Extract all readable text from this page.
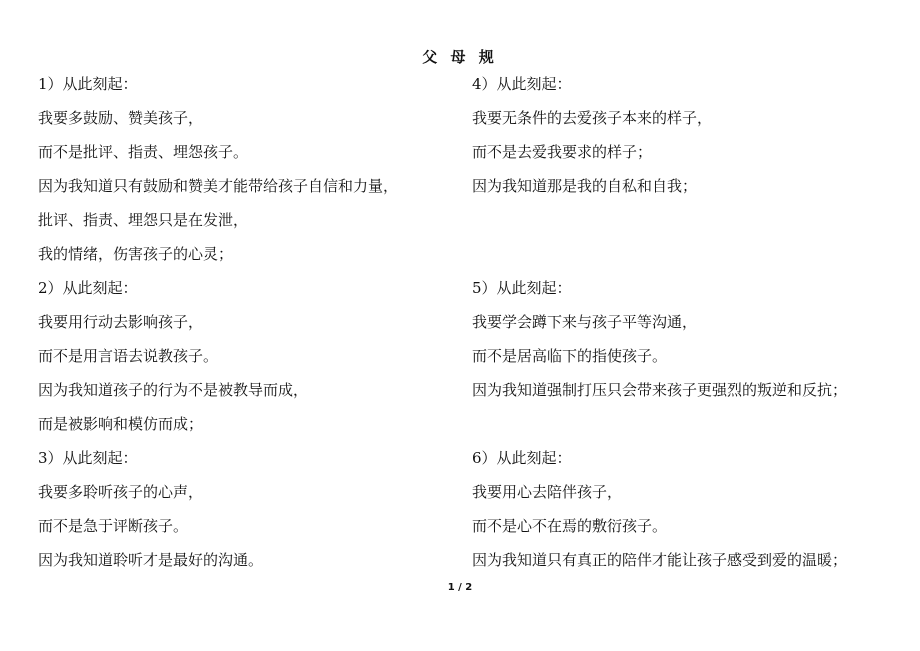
父 母 规
1）从此刻起：
我要多鼓励、赞美孩子，
而不是批评、指责、埋怨孩子。
因为我知道只有鼓励和赞美才能带给孩子自信和力量，
批评、指责、埋怨只是在发泄，
我的情绪，伤害孩子的心灵；
2）从此刻起：
我要用行动去影响孩子，
而不是用言语去说教孩子。
因为我知道孩子的行为不是被教导而成，
而是被影响和模仿而成；
3）从此刻起：
我要多聆听孩子的心声，
而不是急于评断孩子。
因为我知道聆听才是最好的沟通。
4）从此刻起：
我要无条件的去爱孩子本来的样子，
而不是去爱我要求的样子；
因为我知道那是我的自私和自我；
5）从此刻起：
我要学会蹲下来与孩子平等沟通，
而不是居高临下的指使孩子。
因为我知道强制打压只会带来孩子更强烈的叛逆和反抗；
6）从此刻起：
我要用心去陪伴孩子，
而不是心不在焉的敷衍孩子。
因为我知道只有真正的陪伴才能让孩子感受到爱的温暖；
1 / 2
